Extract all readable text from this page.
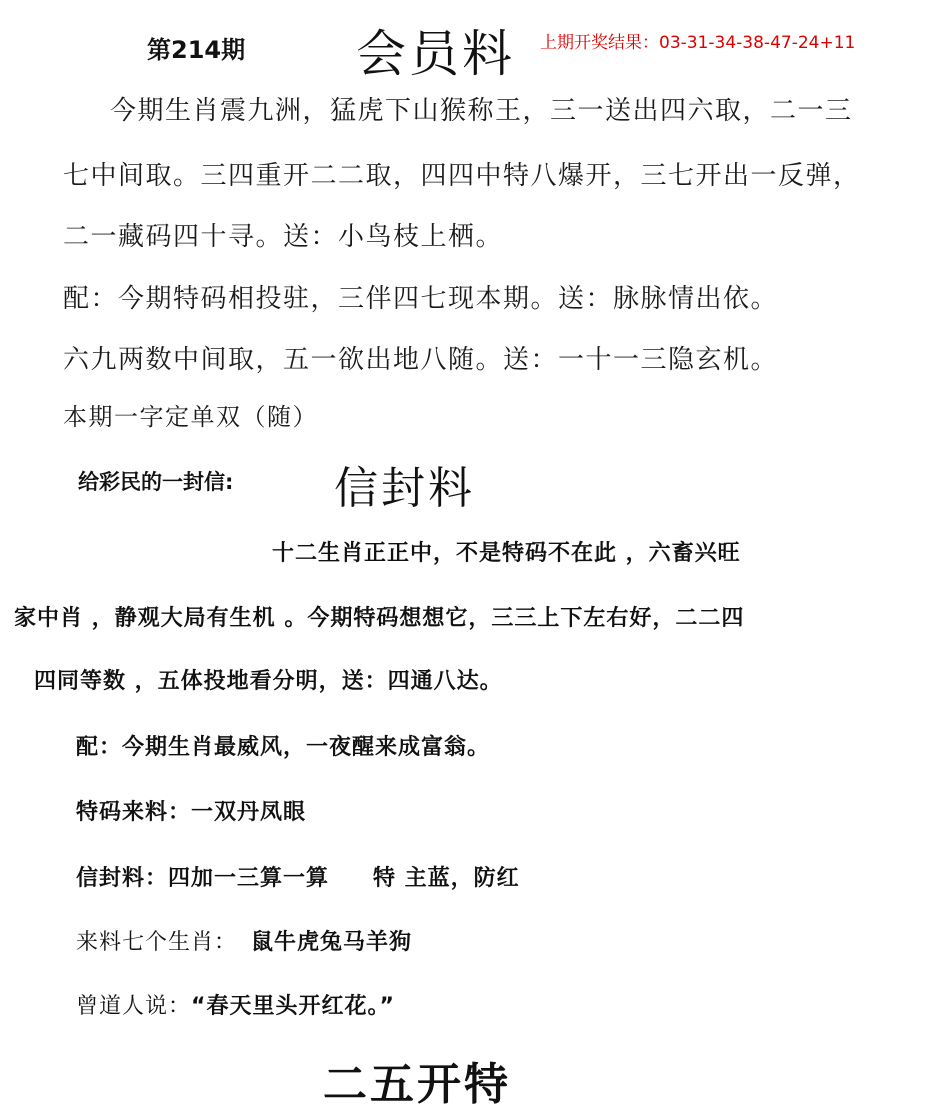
第214期 会员料 上期开奖结果：03-31-34-38-47-24+11
今期生肖震九洲，猛虎下山猴称王，三一送出四六取，二一三
七中间取。三四重开二二取，四四中特八爆开，三七开出一反弹，
二一藏码四十寻。送：小鸟枝上栖。
配：今期特码相投驻，三伴四七现本期。送：脉脉情出依。
六九两数中间取，五一欲出地八随。送：一十一三隐玄机。
本期一字定单双（随）
给彩民的一封信: 信封料
十二生肖正正中，不是特码不在此 ，六畜兴旺
家中肖 ，静观大局有生机 。今期特码想想它，三三上下左右好，二二四
四同等数 ，五体投地看分明，送：四通八达。
配：今期生肖最威风，一夜醒来成富翁。
特码来料：一双丹凤眼
信封料：四加一三算一算 特 主蓝，防红
来料七个生肖： 鼠牛虎兔马羊狗
曾道人说：“春天里头开红花。”
二五开特
